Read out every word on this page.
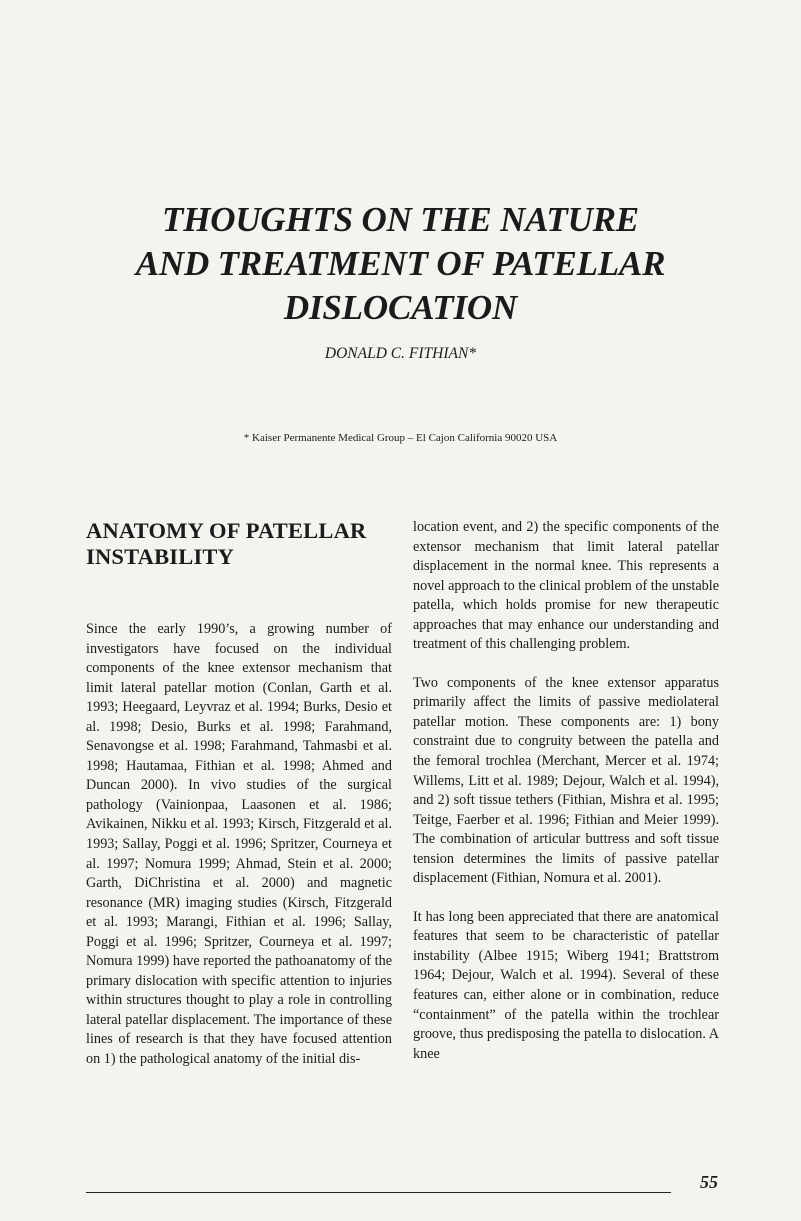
THOUGHTS ON THE NATURE
AND TREATMENT OF PATELLAR
DISLOCATION
DONALD C. FITHIAN*
* Kaiser Permanente Medical Group – El Cajon California 90020 USA
ANATOMY OF PATELLAR INSTABILITY

Since the early 1990’s, a growing number of investigators have focused on the individual components of the knee extensor mechanism that limit lateral patellar motion (Conlan, Garth et al. 1993; Heegaard, Leyvraz et al. 1994; Burks, Desio et al. 1998; Desio, Burks et al. 1998; Farahmand, Senavongse et al. 1998; Farahmand, Tahmasbi et al. 1998; Hautamaa, Fithian et al. 1998; Ahmed and Duncan 2000). In vivo studies of the surgical pathology (Vainionpaa, Laasonen et al. 1986; Avikainen, Nikku et al. 1993; Kirsch, Fitzgerald et al. 1993; Sallay, Poggi et al. 1996; Spritzer, Courneya et al. 1997; Nomura 1999; Ahmad, Stein et al. 2000; Garth, DiChristina et al. 2000) and magnetic resonance (MR) imaging studies (Kirsch, Fitzgerald et al. 1993; Marangi, Fithian et al. 1996; Sallay, Poggi et al. 1996; Spritzer, Courneya et al. 1997; Nomura 1999) have reported the pathoanatomy of the primary dislocation with specific attention to injuries within structures thought to play a role in controlling lateral patellar displacement. The importance of these lines of research is that they have focused attention on 1) the pathological anatomy of the initial dis-

location event, and 2) the specific components of the extensor mechanism that limit lateral patellar displacement in the normal knee. This represents a novel approach to the clinical problem of the unstable patella, which holds promise for new therapeutic approaches that may enhance our understanding and treatment of this challenging problem.

Two components of the knee extensor apparatus primarily affect the limits of passive mediolateral patellar motion. These components are: 1) bony constraint due to congruity between the patella and the femoral trochlea (Merchant, Mercer et al. 1974; Willems, Litt et al. 1989; Dejour, Walch et al. 1994), and 2) soft tissue tethers (Fithian, Mishra et al. 1995; Teitge, Faerber et al. 1996; Fithian and Meier 1999). The combination of articular buttress and soft tissue tension determines the limits of passive patellar displacement (Fithian, Nomura et al. 2001).

It has long been appreciated that there are anatomical features that seem to be characteristic of patellar instability (Albee 1915; Wiberg 1941; Brattstrom 1964; Dejour, Walch et al. 1994). Several of these features can, either alone or in combination, reduce “containment” of the patella within the trochlear groove, thus predisposing the patella to dislocation. A knee

55
